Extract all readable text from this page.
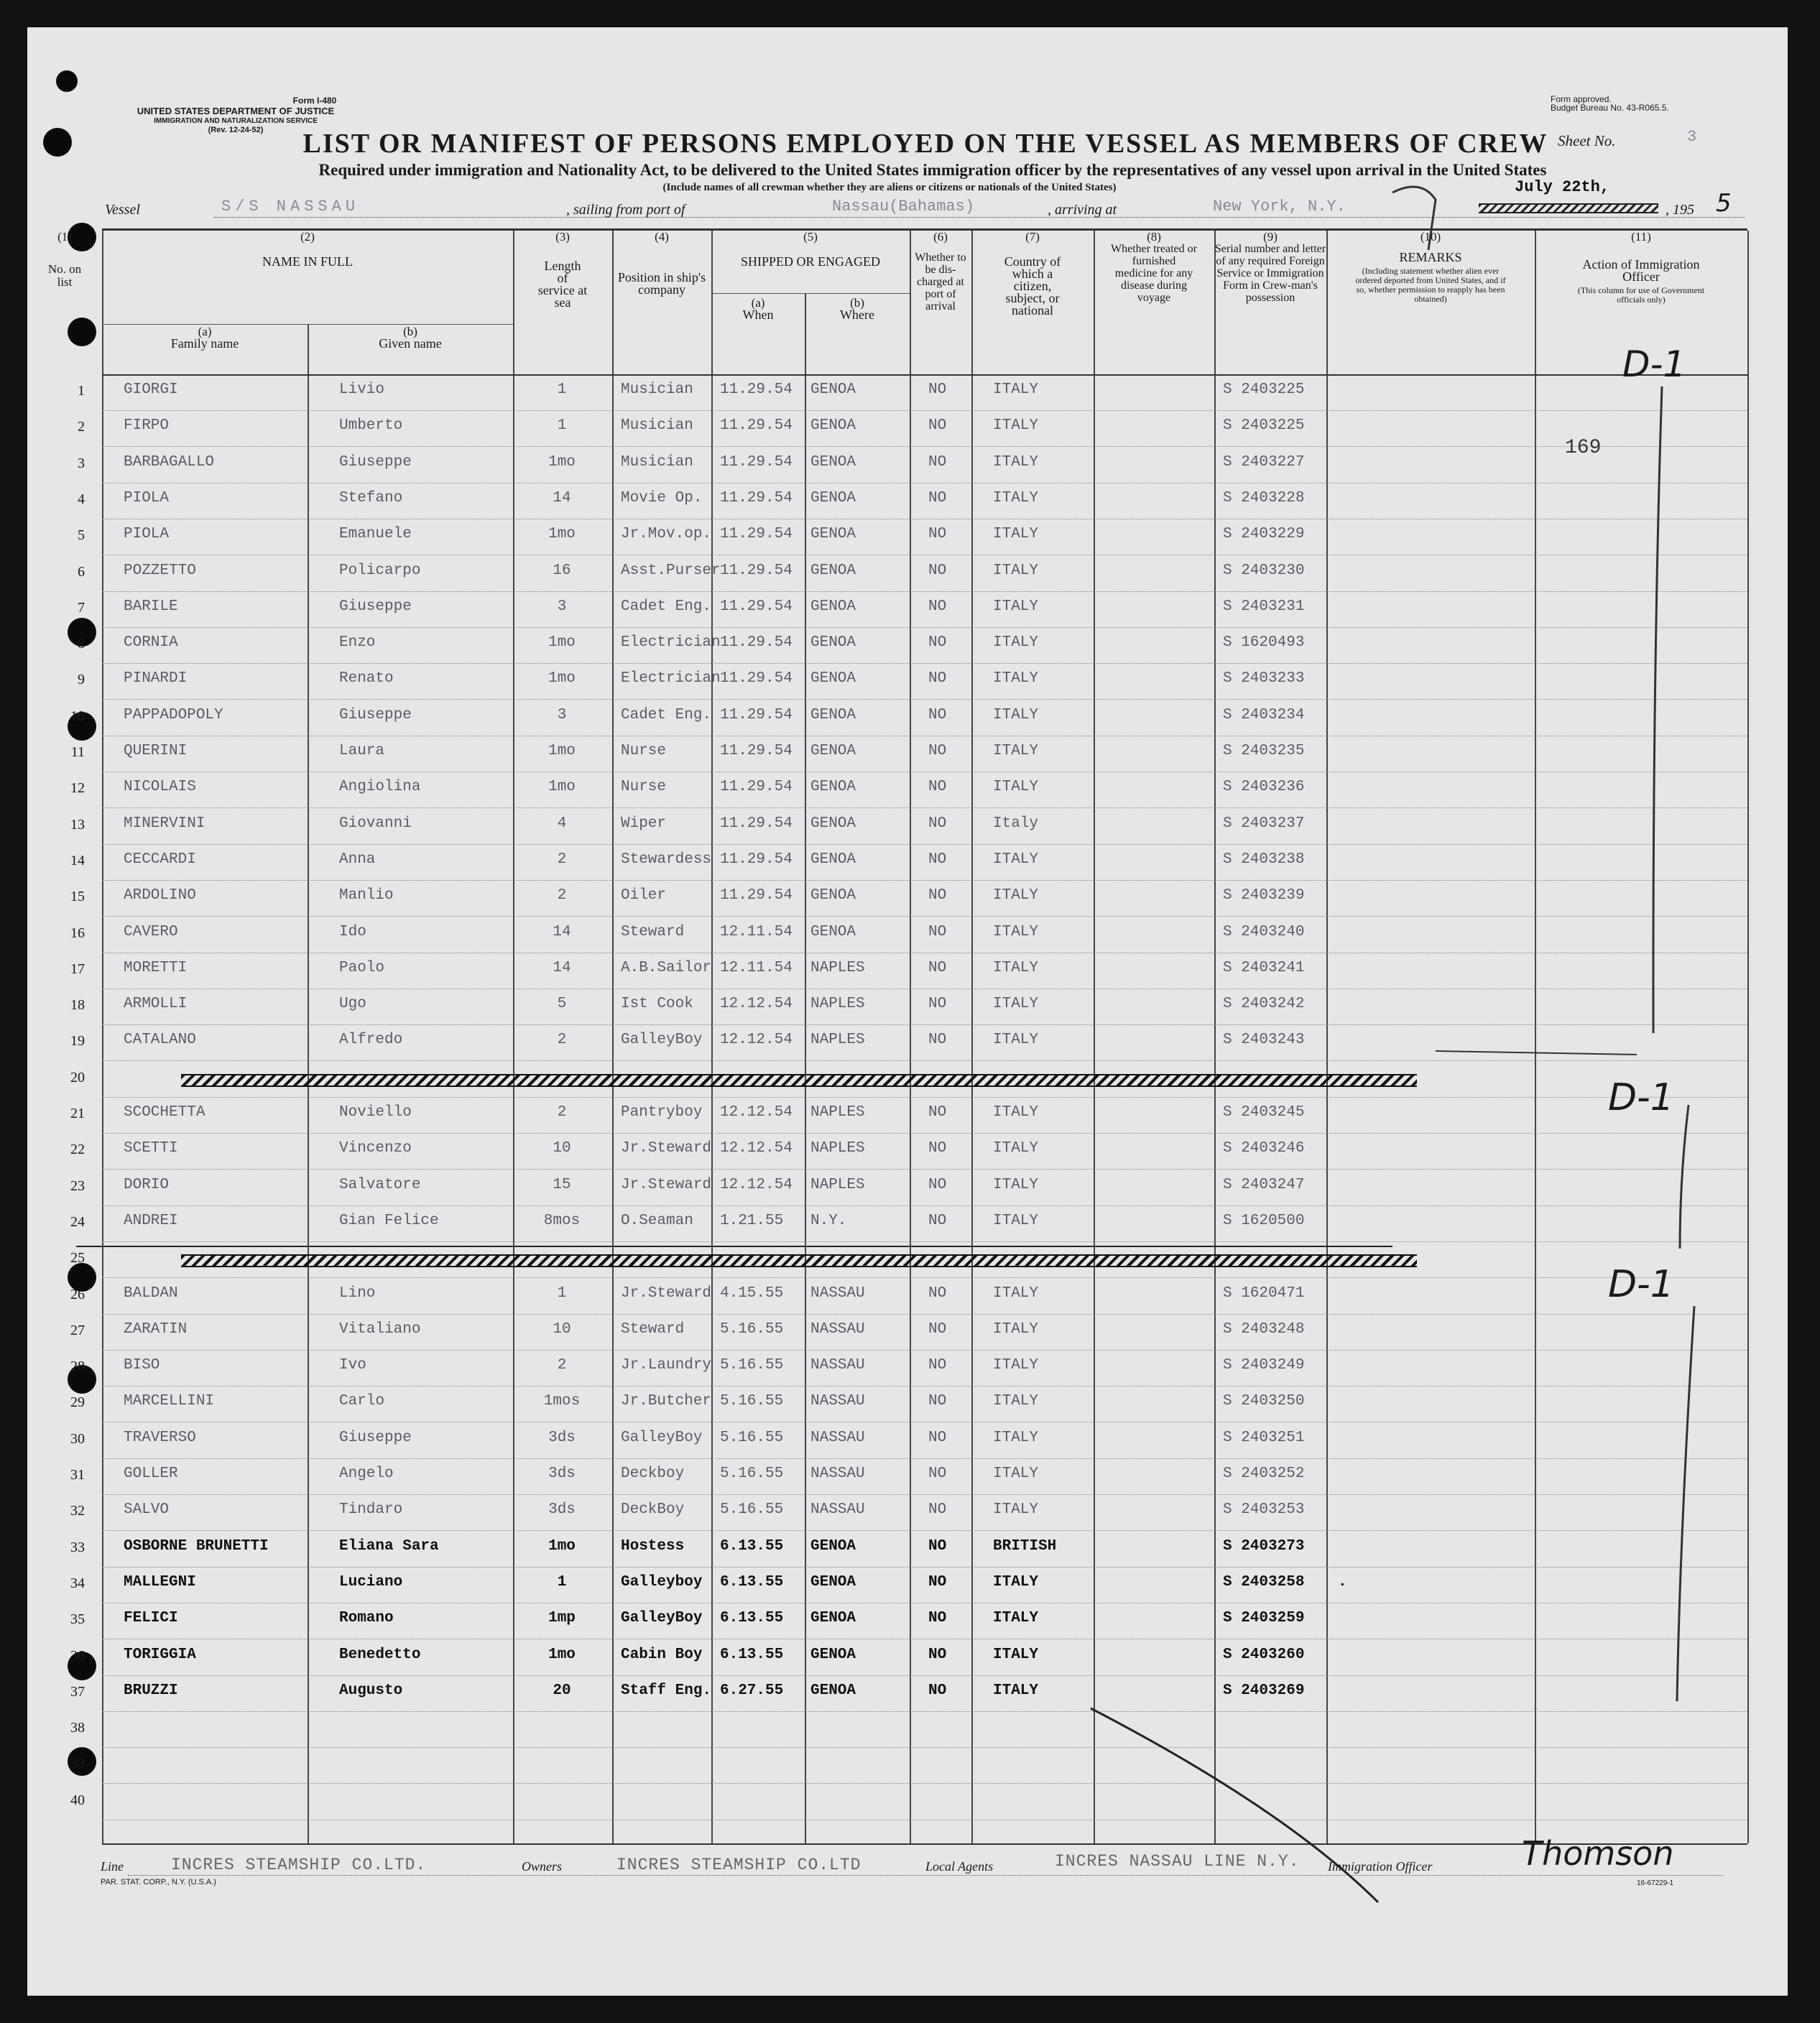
Form I-480
UNITED STATES DEPARTMENT OF JUSTICE
IMMIGRATION AND NATURALIZATION SERVICE
(Rev. 12-24-52)
Form approved.
Budget Bureau No. 43-R065.5.
Sheet No.	3
LIST OR MANIFEST OF PERSONS EMPLOYED ON THE VESSEL AS MEMBERS OF CREW
Required under immigration and Nationality Act, to be delivered to the United States immigration officer by the representatives of any vessel upon arrival in the United States
(Include names of all crewman whether they are aliens or citizens or nationals of the United States)
Vessel	S/S NASSAU	, sailing from port of	Nassau(Bahamas)	, arriving at	New York, N.Y.
July 22th,
, 195 5
(1)
No. on list
(2)
NAME IN FULL
(a)
Family name
(b)
Given name
(3)
Length of service at sea
(4)
Position in ship's company
(5)
SHIPPED OR ENGAGED
(a)
When
(b)
Where
(6)
Whether to be dis-charged at port of arrival
(7)
Country of which a citizen, subject, or national
(8)
Whether treated or furnished medicine for any disease during voyage
(9)
Serial number and letter of any required Foreign Service or Immigration Form in Crew-man's possession
(10)
REMARKS
(Including statement whether alien ever ordered deported from United States, and if so, whether permission to reapply has been obtained)
(11)
Action of Immigration Officer
(This column for use of Government officials only)
1	GIORGI	Livio	1	Musician 11.29.54 GENOA	NO	ITALY	S 2403225
2	FIRPO	Umberto	1	Musician 11.29.54 GENOA	NO	ITALY	S 2403225
3	BARBAGALLO	Giuseppe	1mo	Musician 11.29.54 GENOA	NO	ITALY	S 2403227
4	PIOLA	Stefano	14	Movie Op. 11.29.54 GENOA	NO	ITALY	S 2403228
5	PIOLA	Emanuele	1mo	Jr.Mov.op. 11.29.54 GENOA	NO	ITALY	S 2403229
6	POZZETTO	Policarpo	16	Asst.Purser 11.29.54 GENOA	NO	ITALY	S 2403230
7	BARILE	Giuseppe	3	Cadet Eng. 11.29.54 GENOA	NO	ITALY	S 2403231
8	CORNIA	Enzo	1mo	Electrician 11.29.54 GENOA	NO	ITALY	S 1620493
9	PINARDI	Renato	1mo	Electrician 11.29.54 GENOA	NO	ITALY	S 2403233
10	PAPPADOPOLY	Giuseppe	3	Cadet Eng. 11.29.54 GENOA	NO	ITALY	S 2403234
11	QUERINI	Laura	1mo	Nurse	11.29.54 GENOA	NO	ITALY	S 2403235
12	NICOLAIS	Angiolina	1mo	Nurse	11.29.54 GENOA	NO	ITALY	S 2403236
13	MINERVINI	Giovanni	4	Wiper	11.29.54 GENOA	NO	Italy	S 2403237
14	CECCARDI	Anna	2	Stewardess 11.29.54 GENOA	NO	ITALY	S 2403238
15	ARDOLINO	Manlio	2	Oiler	11.29.54 GENOA	NO	ITALY	S 2403239
16	CAVERO	Ido	14	Steward 12.11.54 GENOA	NO	ITALY	S 2403240
17	MORETTI	Paolo	14	A.B.Sailor 12.11.54 NAPLES	NO	ITALY	S 2403241
18	ARMOLLI	Ugo	5	Ist Cook 12.12.54 NAPLES	NO	ITALY	S 2403242
19	CATALANO	Alfredo	2	GalleyBoy 12.12.54 NAPLES	NO	ITALY	S 2403243
20
21	SCOCHETTA	Noviello	2	Pantryboy 12.12.54 NAPLES	NO	ITALY	S 2403245
22	SCETTI	Vincenzo	10	Jr.Steward 12.12.54 NAPLES	NO	ITALY	S 2403246
23	DORIO	Salvatore	15	Jr.Steward 12.12.54 NAPLES	NO	ITALY	S 2403247
24	ANDREI	Gian Felice	8mos	O.Seaman 1.21.55 N.Y.	NO	ITALY	S 1620500
25
26	BALDAN	Lino	1	Jr.Steward 4.15.55 NASSAU	NO	ITALY	S 1620471
27	ZARATIN	Vitaliano	10	Steward 5.16.55 NASSAU	NO	ITALY	S 2403248
28	BISO	Ivo	2	Jr.Laundry 5.16.55 NASSAU	NO	ITALY	S 2403249
29	MARCELLINI	Carlo	1mos	Jr.Butcher 5.16.55 NASSAU	NO	ITALY	S 2403250
30	TRAVERSO	Giuseppe	3ds	GalleyBoy 5.16.55 NASSAU	NO	ITALY	S 2403251
31	GOLLER	Angelo	3ds	Deckboy 5.16.55 NASSAU	NO	ITALY	S 2403252
32	SALVO	Tindaro	3ds	DeckBoy 5.16.55 NASSAU	NO	ITALY	S 2403253
33	OSBORNE BRUNETTI	Eliana Sara	1mo	Hostess 6.13.55 GENOA	NO	BRITISH	S 2403273
34	MALLEGNI	Luciano	1	Galleyboy 6.13.55 GENOA	NO	ITALY	S 2403258 .
35	FELICI	Romano	1mp	GalleyBoy 6.13.55 GENOA	NO	ITALY	S 2403259
36	TORIGGIA	Benedetto	1mo	Cabin Boy 6.13.55 GENOA	NO	ITALY	S 2403260
37	BRUZZI	Augusto	20	Staff Eng. 6.27.55 GENOA	NO	ITALY	S 2403269
38
39
40
D-1
D-1
D-1
169
Line	INCRES STEAMSHIP CO.LTD.	Owners	INCRES STEAMSHIP CO.LTD	Local Agents	INCRES NASSAU LINE N.Y. Immigration Officer	Thomson
PAR. STAT. CORP., N.Y. (U.S.A.)	16-67229-1
